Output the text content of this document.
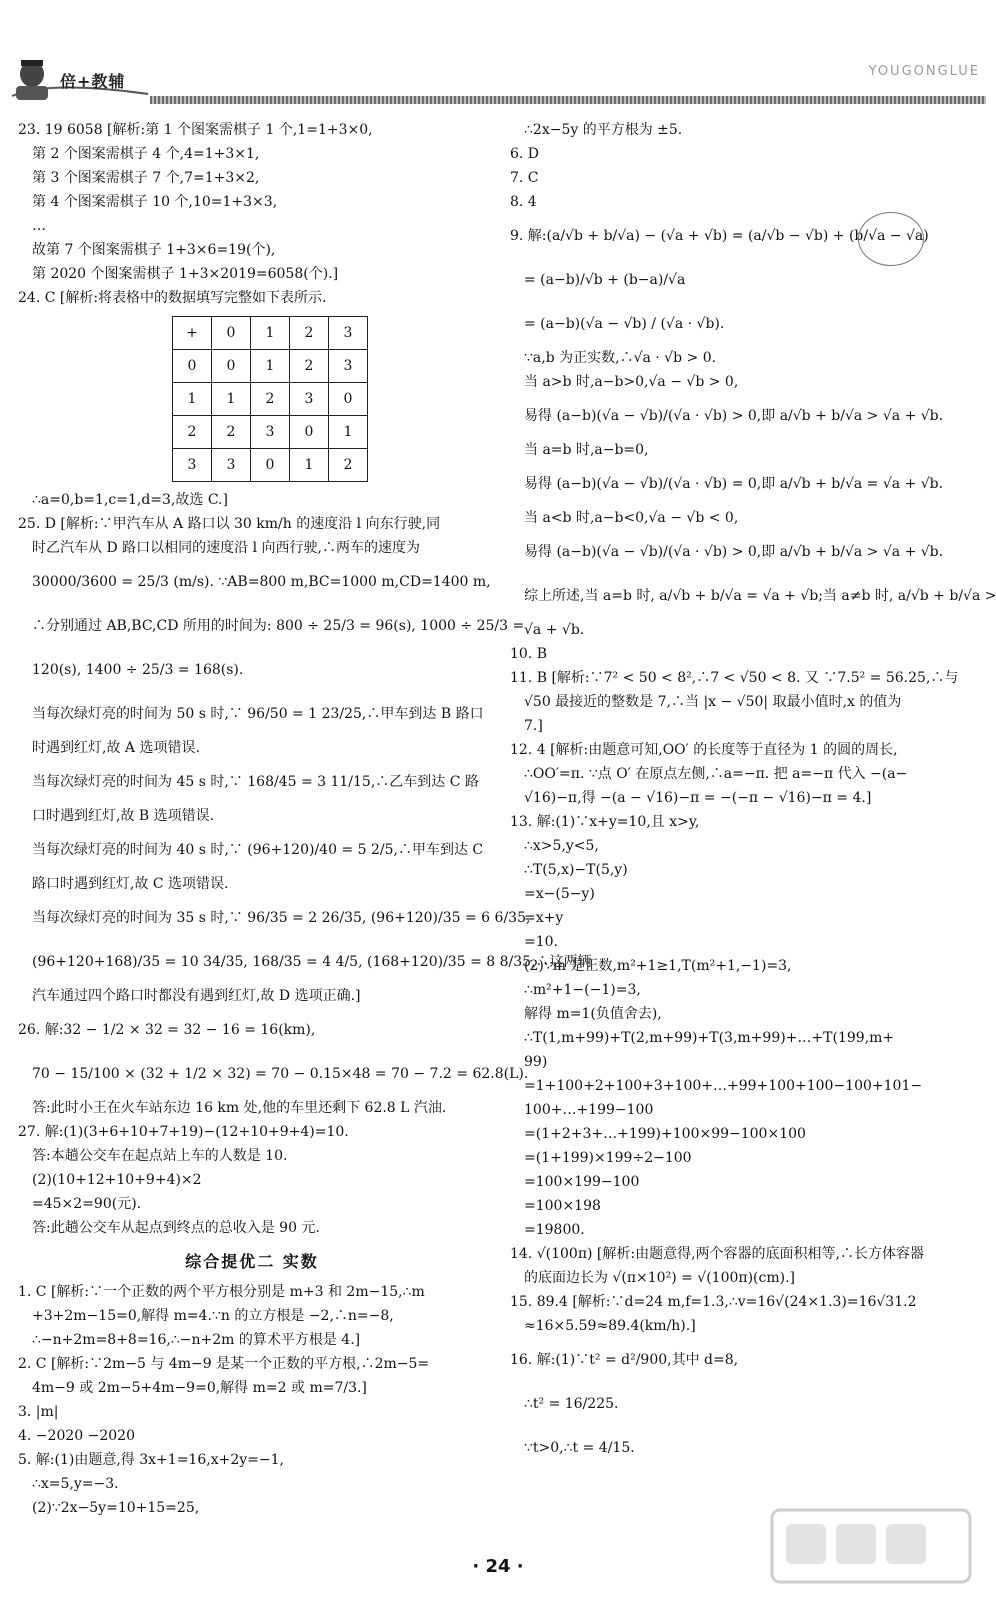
倍+教辅
YOUGONGLUE
23. 19 6058 [解析:第 1 个图案需棋子 1 个,1=1+3×0,
第 2 个图案需棋子 4 个,4=1+3×1,
第 3 个图案需棋子 7 个,7=1+3×2,
第 4 个图案需棋子 10 个,10=1+3×3,
…
故第 7 个图案需棋子 1+3×6=19(个),
第 2020 个图案需棋子 1+3×2019=6058(个).]
24. C [解析:将表格中的数据填写完整如下表所示.
+	0	1	2	3
0	0	1	2	3
1	1	2	3	0
2	2	3	0	1
3	3	0	1	2
∴a=0,b=1,c=1,d=3,故选 C.]
25. D [解析:∵甲汽车从 A 路口以 30 km/h 的速度沿 l 向东行驶,同
时乙汽车从 D 路口以相同的速度沿 l 向西行驶,∴两车的速度为
30000/3600 = 25/3 (m/s). ∵AB=800 m,BC=1000 m,CD=1400 m,
∴分别通过 AB,BC,CD 所用的时间为: 800 ÷ 25/3 = 96(s), 1000 ÷ 25/3 =
120(s), 1400 ÷ 25/3 = 168(s).
当每次绿灯亮的时间为 50 s 时,∵ 96/50 = 1 23/25,∴甲车到达 B 路口
时遇到红灯,故 A 选项错误.
当每次绿灯亮的时间为 45 s 时,∵ 168/45 = 3 11/15,∴乙车到达 C 路
口时遇到红灯,故 B 选项错误.
当每次绿灯亮的时间为 40 s 时,∵ (96+120)/40 = 5 2/5,∴甲车到达 C
路口时遇到红灯,故 C 选项错误.
当每次绿灯亮的时间为 35 s 时,∵ 96/35 = 2 26/35, (96+120)/35 = 6 6/35,
(96+120+168)/35 = 10 34/35, 168/35 = 4 4/5, (168+120)/35 = 8 8/35,∴这两辆
汽车通过四个路口时都没有遇到红灯,故 D 选项正确.]
26. 解:32 − 1/2 × 32 = 32 − 16 = 16(km),
70 − 15/100 × (32 + 1/2 × 32) = 70 − 0.15×48 = 70 − 7.2 = 62.8(L).
答:此时小王在火车站东边 16 km 处,他的车里还剩下 62.8 L 汽油.
27. 解:(1)(3+6+10+7+19)−(12+10+9+4)=10.
答:本趟公交车在起点站上车的人数是 10.
(2)(10+12+10+9+4)×2
=45×2=90(元).
答:此趟公交车从起点到终点的总收入是 90 元.
综合提优二 实数
1. C [解析:∵一个正数的两个平方根分别是 m+3 和 2m−15,∴m
+3+2m−15=0,解得 m=4.∵n 的立方根是 −2,∴n=−8,
∴−n+2m=8+8=16,∴−n+2m 的算术平方根是 4.]
2. C [解析:∵2m−5 与 4m−9 是某一个正数的平方根,∴2m−5=
4m−9 或 2m−5+4m−9=0,解得 m=2 或 m=7/3.]
3. |m|
4. −2020 −2020
5. 解:(1)由题意,得 3x+1=16,x+2y=−1,
∴x=5,y=−3.
(2)∵2x−5y=10+15=25,
∴2x−5y 的平方根为 ±5.
6. D
7. C
8. 4
9. 解:(a/√b + b/√a) − (√a + √b) = (a/√b − √b) + (b/√a − √a)
= (a−b)/√b + (b−a)/√a
= (a−b)(√a − √b) / (√a · √b).
∵a,b 为正实数,∴√a · √b > 0.
当 a>b 时,a−b>0,√a − √b > 0,
易得 (a−b)(√a − √b)/(√a · √b) > 0,即 a/√b + b/√a > √a + √b.
当 a=b 时,a−b=0,
易得 (a−b)(√a − √b)/(√a · √b) = 0,即 a/√b + b/√a = √a + √b.
当 a<b 时,a−b<0,√a − √b < 0,
易得 (a−b)(√a − √b)/(√a · √b) > 0,即 a/√b + b/√a > √a + √b.
综上所述,当 a=b 时, a/√b + b/√a = √a + √b;当 a≠b 时, a/√b + b/√a >
√a + √b.
10. B
11. B [解析:∵7² < 50 < 8²,∴7 < √50 < 8. 又 ∵7.5² = 56.25,∴与
√50 最接近的整数是 7,∴当 |x − √50| 取最小值时,x 的值为
7.]
12. 4 [解析:由题意可知,OO′ 的长度等于直径为 1 的圆的周长,
∴OO′=π. ∵点 O′ 在原点左侧,∴a=−π. 把 a=−π 代入 −(a−
√16)−π,得 −(a − √16)−π = −(−π − √16)−π = 4.]
13. 解:(1)∵x+y=10,且 x>y,
∴x>5,y<5,
∴T(5,x)−T(5,y)
=x−(5−y)
=x+y
=10.
(2)∵m 是正数,m²+1≥1,T(m²+1,−1)=3,
∴m²+1−(−1)=3,
解得 m=1(负值舍去),
∴T(1,m+99)+T(2,m+99)+T(3,m+99)+…+T(199,m+
99)
=1+100+2+100+3+100+…+99+100+100−100+101−
100+…+199−100
=(1+2+3+…+199)+100×99−100×100
=(1+199)×199÷2−100
=100×199−100
=100×198
=19800.
14. √(100π) [解析:由题意得,两个容器的底面积相等,∴长方体容器
的底面边长为 √(π×10²) = √(100π)(cm).]
15. 89.4 [解析:∵d=24 m,f=1.3,∴v=16√(24×1.3)=16√31.2
≈16×5.59≈89.4(km/h).]
16. 解:(1)∵t² = d²/900,其中 d=8,
∴t² = 16/225.
∵t>0,∴t = 4/15.
· 24 ·
